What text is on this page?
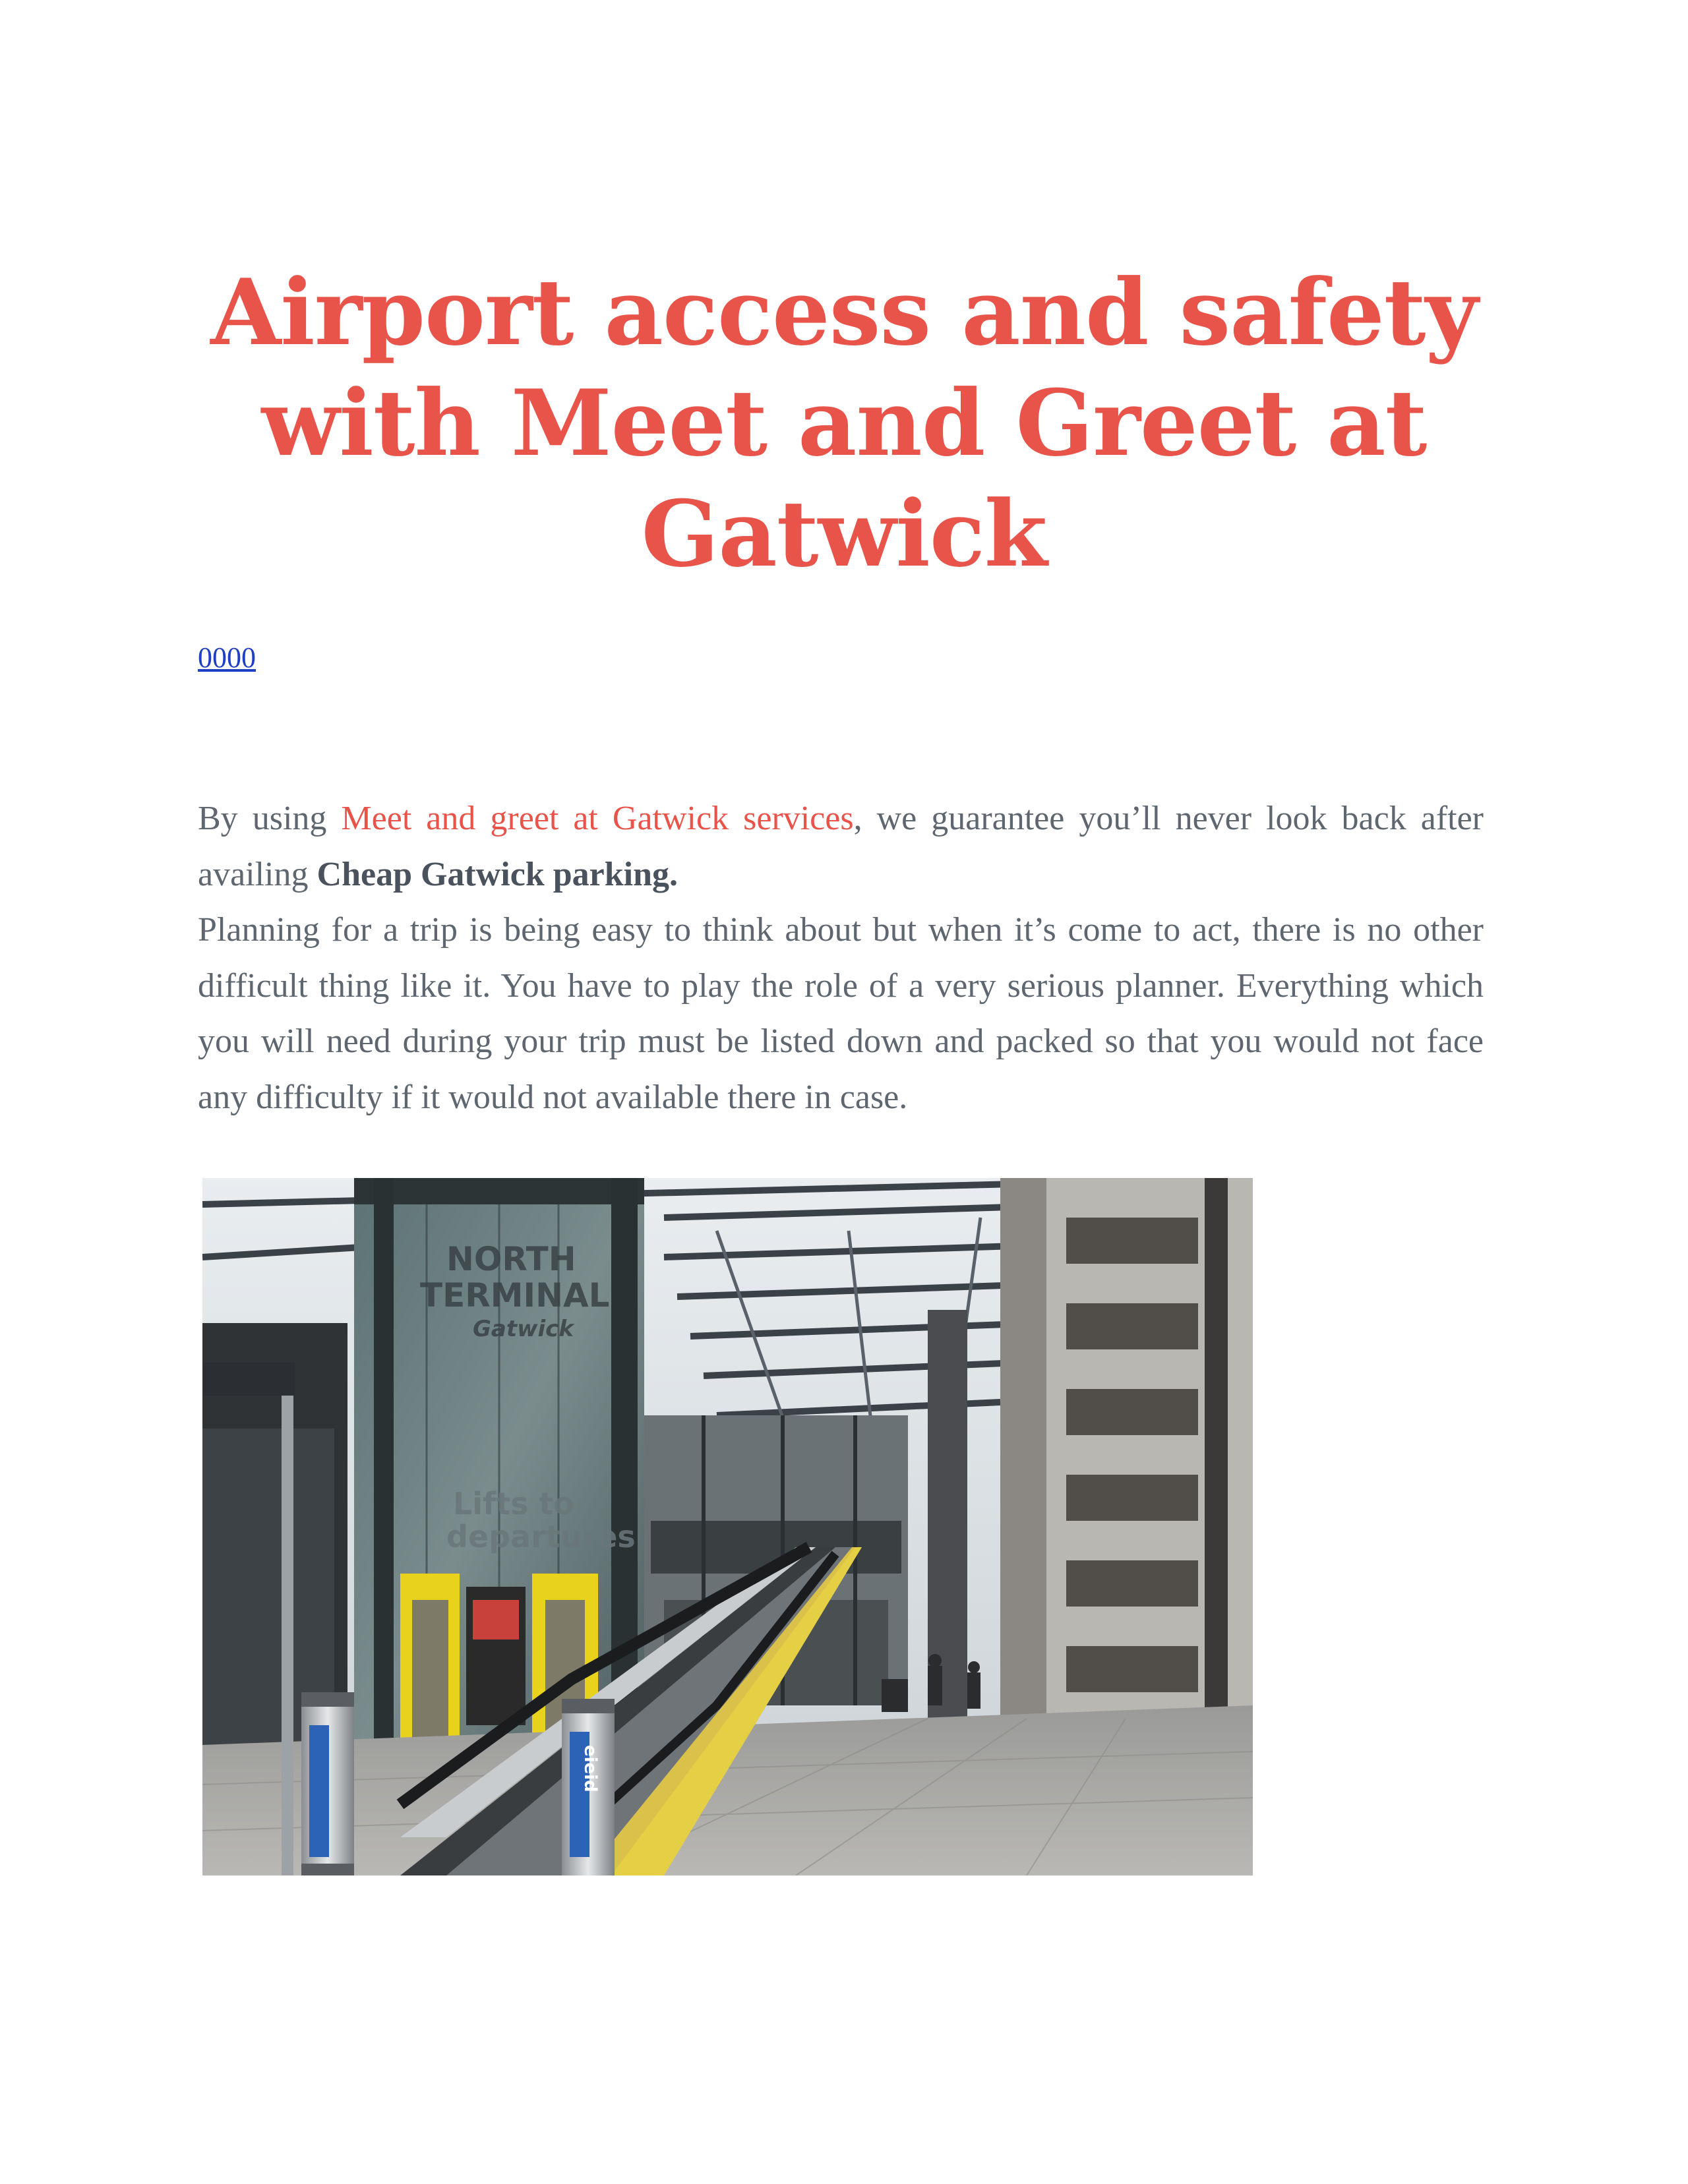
Airport access and safety
with Meet and Greet at
Gatwick
0000

By using Meet and greet at Gatwick services, we guarantee you’ll never look back after availing Cheap Gatwick parking.

Planning for a trip is being easy to think about but when it’s come to act, there is no other difficult thing like it. You have to play the role of a very serious planner. Everything which you will need during your trip must be listed down and packed so that you would not face any difficulty if it would not available there in case.

NORTH
TERMINAL
Gatwick
Lifts to
departures
eieid
